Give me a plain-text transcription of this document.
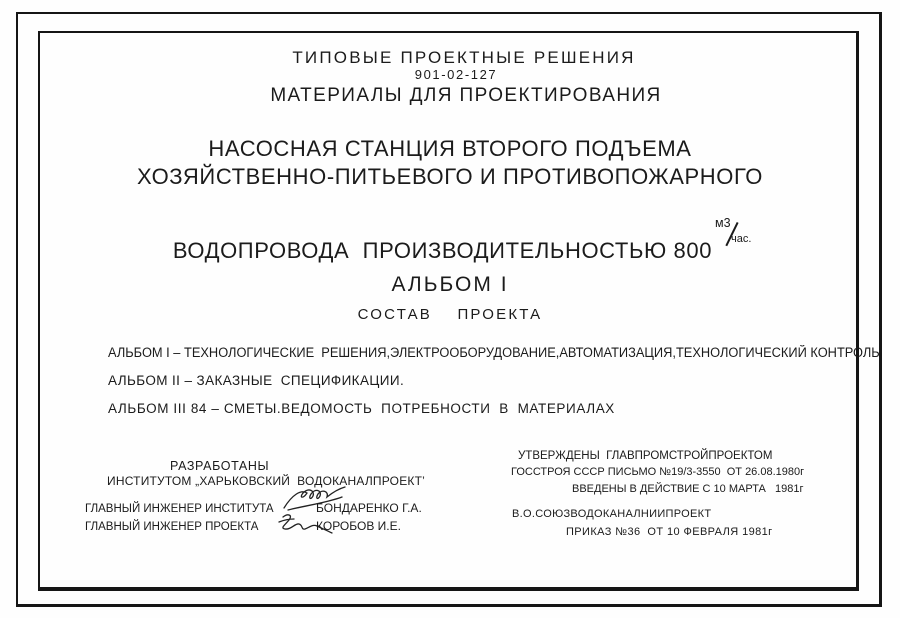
ТИПОВЫЕ ПРОЕКТНЫЕ РЕШЕНИЯ
901-02-127
МАТЕРИАЛЫ ДЛЯ ПРОЕКТИРОВАНИЯ
НАСОСНАЯ СТАНЦИЯ ВТОРОГО ПОДЪЕМА
ХОЗЯЙСТВЕННО-ПИТЬЕВОГО И ПРОТИВОПОЖАРНОГО

ВОДОПРОВОДА  ПРОИЗВОДИТЕЛЬНОСТЬЮ 800
м3
час.

АЛЬБОМ I
СОСТАВ    ПРОЕКТА
АЛЬБОМ I – ТЕХНОЛОГИЧЕСКИЕ  РЕШЕНИЯ,ЭЛЕКТРООБОРУДОВАНИЕ,АВТОМАТИЗАЦИЯ,ТЕХНОЛОГИЧЕСКИЙ КОНТРОЛЬ
АЛЬБОМ II – ЗАКАЗНЫЕ  СПЕЦИФИКАЦИИ.
АЛЬБОМ III 84 – СМЕТЫ.ВЕДОМОСТЬ  ПОТРЕБНОСТИ  В  МАТЕРИАЛАХ
РАЗРАБОТАНЫ
ИНСТИТУТОМ „ХАРЬКОВСКИЙ  ВОДОКАНАЛПРОЕКТ’
ГЛАВНЫЙ ИНЖЕНЕР ИНСТИТУТА	БОНДАРЕНКО Г.А.
ГЛАВНЫЙ ИНЖЕНЕР ПРОЕКТА	КОРОБОВ И.Е.
УТВЕРЖДЕНЫ  ГЛАВПРОМСТРОЙПРОЕКТОМ
ГОССТРОЯ СССР ПИСЬМО №19/3-3550  ОТ 26.08.1980г
ВВЕДЕНЫ В ДЕЙСТВИЕ С 10 МАРТА   1981г
В.О.СОЮЗВОДОКАНАЛНИИПРОЕКТ
ПРИКАЗ №36  ОТ 10 ФЕВРАЛЯ 1981г
